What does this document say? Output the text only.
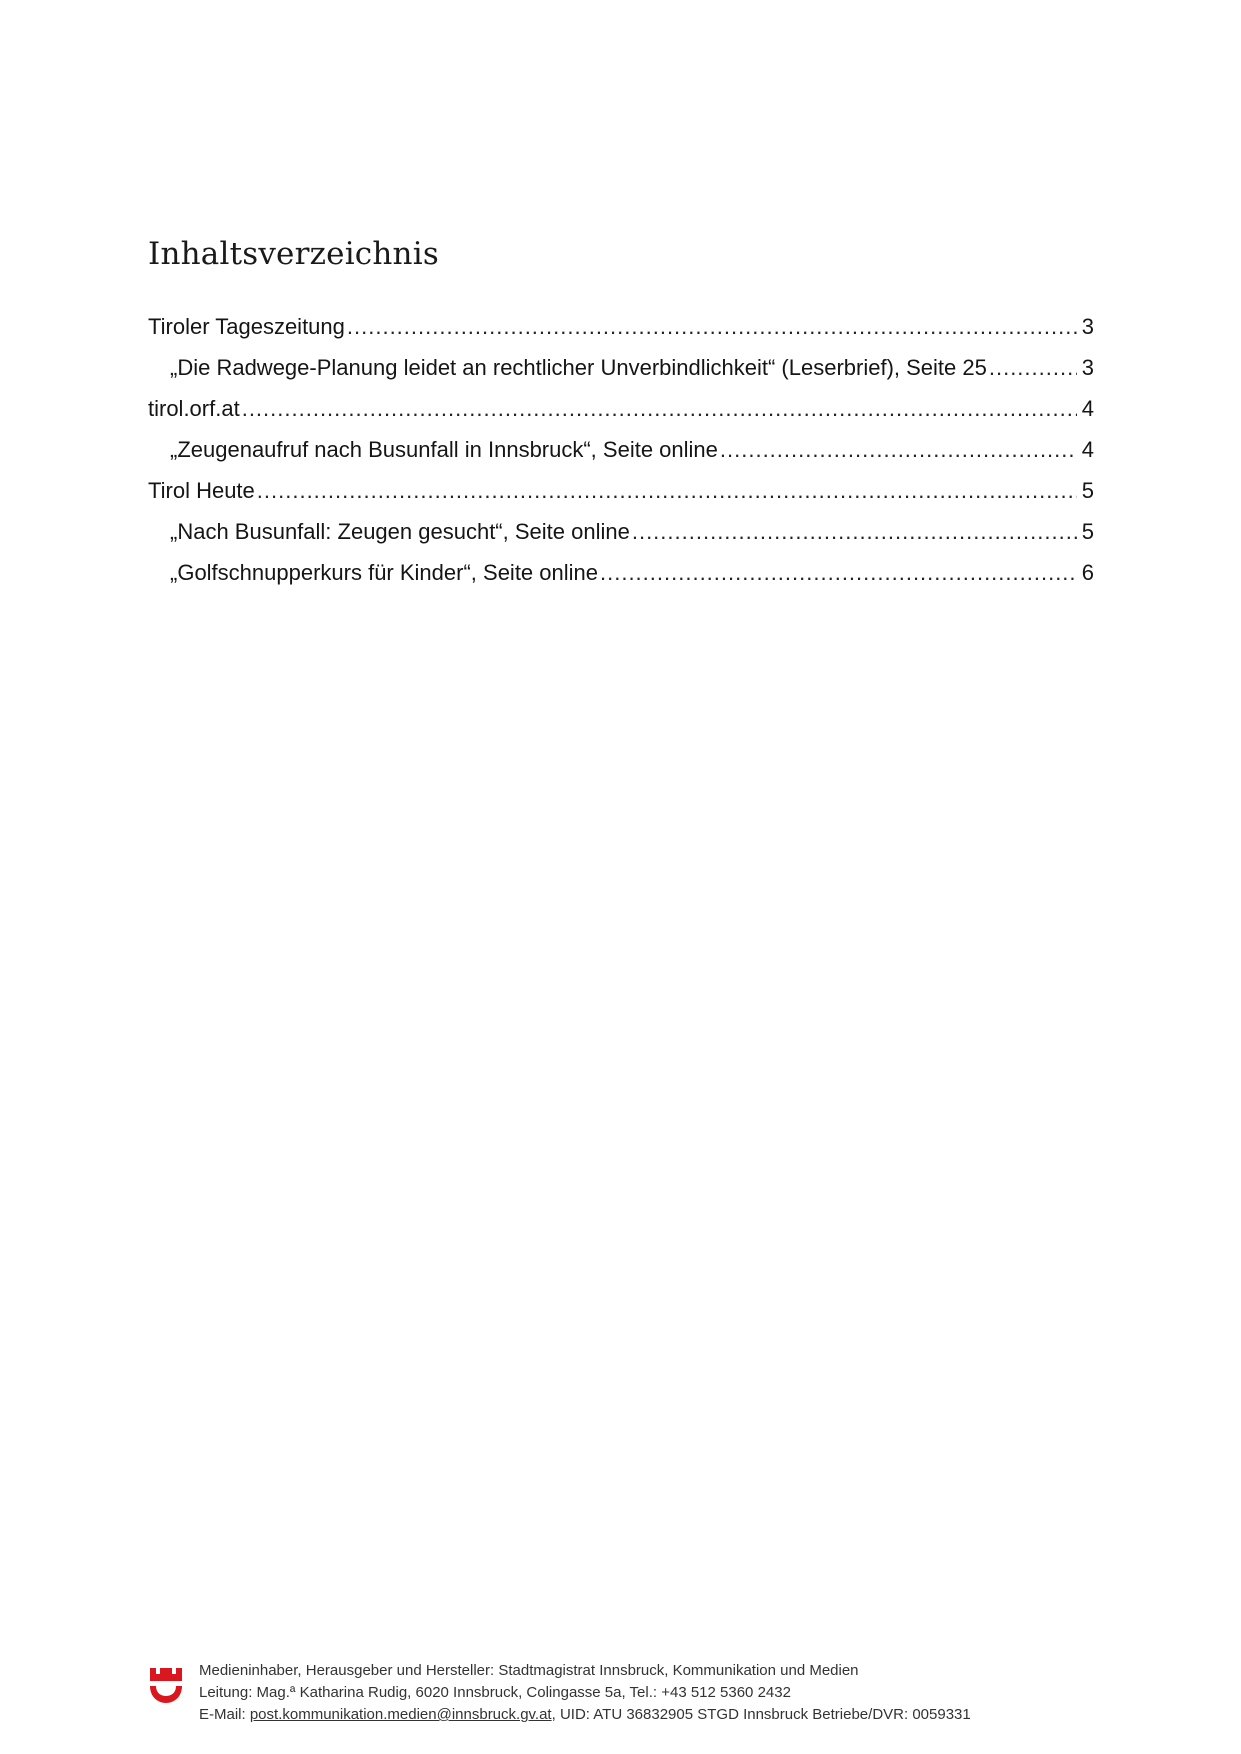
Inhaltsverzeichnis
Tiroler Tageszeitung .....	3
„Die Radwege-Planung leidet an rechtlicher Unverbindlichkeit“ (Leserbrief), Seite 25 .....	3
tirol.orf.at .....	4
„Zeugenaufruf nach Busunfall in Innsbruck“, Seite online .....	4
Tirol Heute .....	5
„Nach Busunfall: Zeugen gesucht“, Seite online .....	5
„Golfschnupperkurs für Kinder“, Seite online .....	6
Medieninhaber, Herausgeber und Hersteller: Stadtmagistrat Innsbruck, Kommunikation und Medien
Leitung: Mag.ª Katharina Rudig, 6020 Innsbruck, Colingasse 5a, Tel.: +43 512 5360 2432
E-Mail: post.kommunikation.medien@innsbruck.gv.at, UID: ATU 36832905 STGD Innsbruck Betriebe/DVR: 0059331
